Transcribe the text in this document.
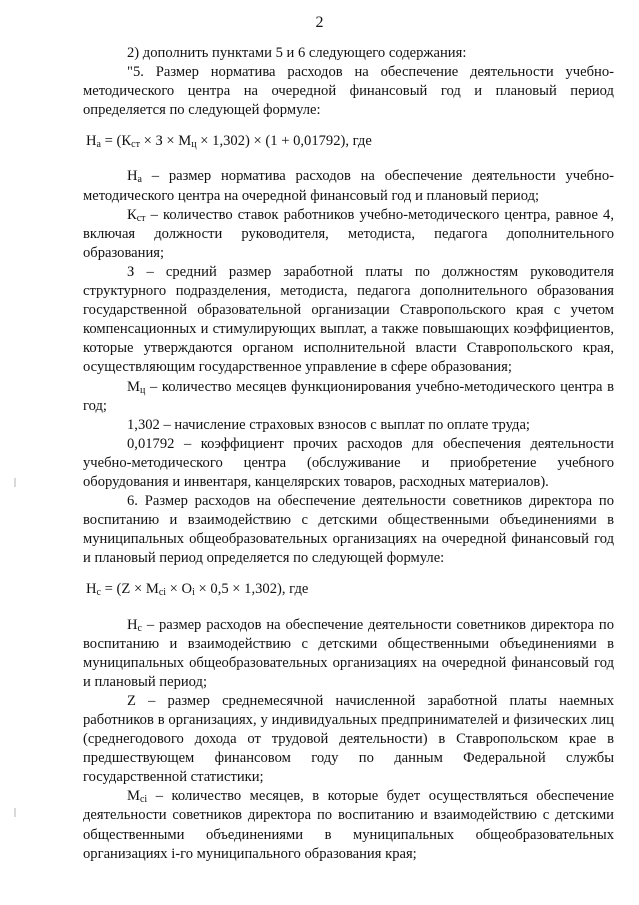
2

2) дополнить пунктами 5 и 6 следующего содержания:

"5. Размер норматива расходов на обеспечение деятельности учебно-методического центра на очередной финансовый год и плановый период определяется по следующей формуле:

$Н_а = (К_{ст} \times З \times М_ц \times 1,302) \times (1 + 0,01792)$, где

$Н_а$ – размер норматива расходов на обеспечение деятельности учебно-методического центра на очередной финансовый год и плановый период;

$К_{ст}$ – количество ставок работников учебно-методического центра, равное 4, включая должности руководителя, методиста, педагога дополнительного образования;

З – средний размер заработной платы по должностям руководителя структурного подразделения, методиста, педагога дополнительного образования государственной образовательной организации Ставропольского края с учетом компенсационных и стимулирующих выплат, а также повышающих коэффициентов, которые утверждаются органом исполнительной власти Ставропольского края, осуществляющим государственное управление в сфере образования;

$М_ц$ – количество месяцев функционирования учебно-методического центра в год;

1,302 – начисление страховых взносов с выплат по оплате труда;

0,01792 – коэффициент прочих расходов для обеспечения деятельности учебно-методического центра (обслуживание и приобретение учебного оборудования и инвентаря, канцелярских товаров, расходных материалов).

6. Размер расходов на обеспечение деятельности советников директора по воспитанию и взаимодействию с детскими общественными объединениями в муниципальных общеобразовательных организациях на очередной финансовый год и плановый период определяется по следующей формуле:

$Н_с = (Z \times M_{ci} \times O_i \times 0,5 \times 1,302)$, где

$Н_с$ – размер расходов на обеспечение деятельности советников директора по воспитанию и взаимодействию с детскими общественными объединениями в муниципальных общеобразовательных организациях на очередной финансовый год и плановый период;

Z – размер среднемесячной начисленной заработной платы наемных работников в организациях, у индивидуальных предпринимателей и физических лиц (среднегодового дохода от трудовой деятельности) в Ставропольском крае в предшествующем финансовом году по данным Федеральной службы государственной статистики;

$M_{ci}$ – количество месяцев, в которые будет осуществляться обеспечение деятельности советников директора по воспитанию и взаимодействию с детскими общественными объединениями в муниципальных общеобразовательных организациях i-го муниципального образования края;
